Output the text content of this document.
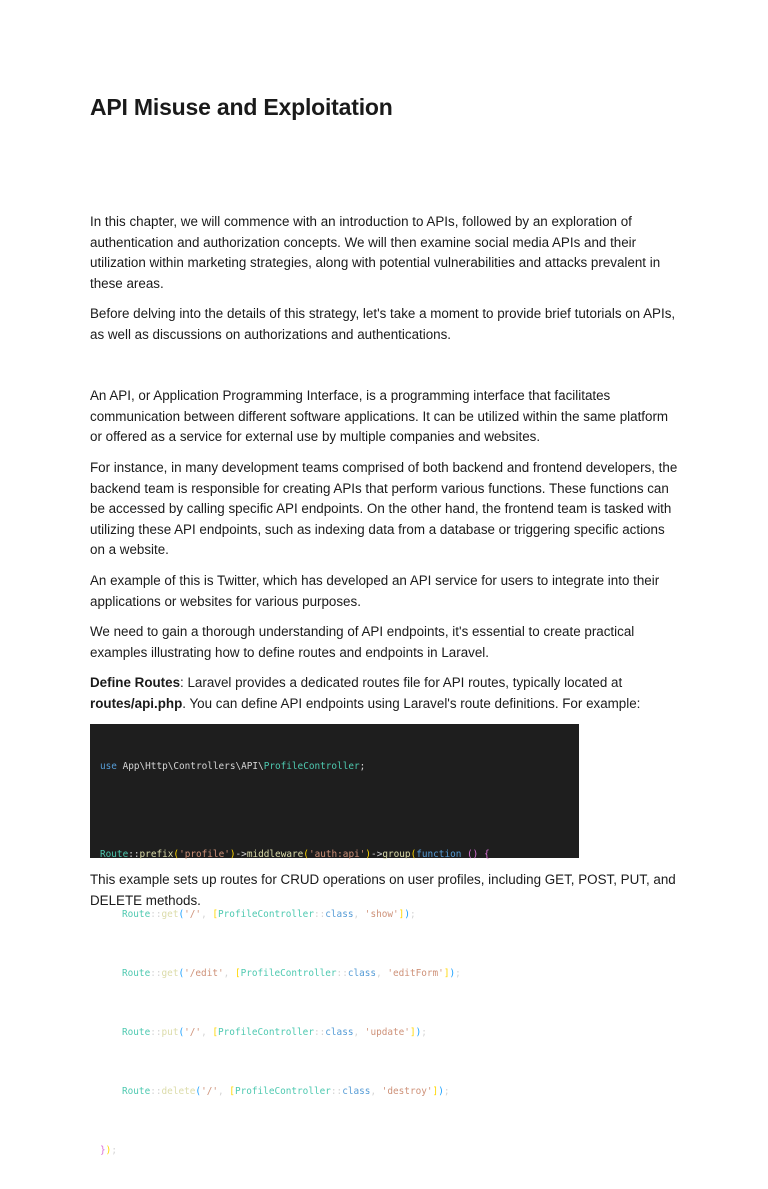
API Misuse and Exploitation

In this chapter, we will commence with an introduction to APIs, followed by an exploration of authentication and authorization concepts. We will then examine social media APIs and their utilization within marketing strategies, along with potential vulnerabilities and attacks prevalent in these areas.

Before delving into the details of this strategy, let's take a moment to provide brief tutorials on APIs, as well as discussions on authorizations and authentications.

An API, or Application Programming Interface, is a programming interface that facilitates communication between different software applications. It can be utilized within the same platform or offered as a service for external use by multiple companies and websites.

For instance, in many development teams comprised of both backend and frontend developers, the backend team is responsible for creating APIs that perform various functions. These functions can be accessed by calling specific API endpoints. On the other hand, the frontend team is tasked with utilizing these API endpoints, such as indexing data from a database or triggering specific actions on a website.

An example of this is Twitter, which has developed an API service for users to integrate into their applications or websites for various purposes.

We need to gain a thorough understanding of API endpoints, it's essential to create practical examples illustrating how to define routes and endpoints in Laravel.

Define Routes: Laravel provides a dedicated routes file for API routes, typically located at routes/api.php. You can define API endpoints using Laravel's route definitions. For example:

use App\Http\Controllers\API\ProfileController;

Route::prefix('profile')->middleware('auth:api')->group(function () {

Route::get('/', [ProfileController::class, 'show']);

Route::get('/edit', [ProfileController::class, 'editForm']);

Route::put('/', [ProfileController::class, 'update']);

Route::delete('/', [ProfileController::class, 'destroy']);

});

This example sets up routes for CRUD operations on user profiles, including GET, POST, PUT, and DELETE methods.
